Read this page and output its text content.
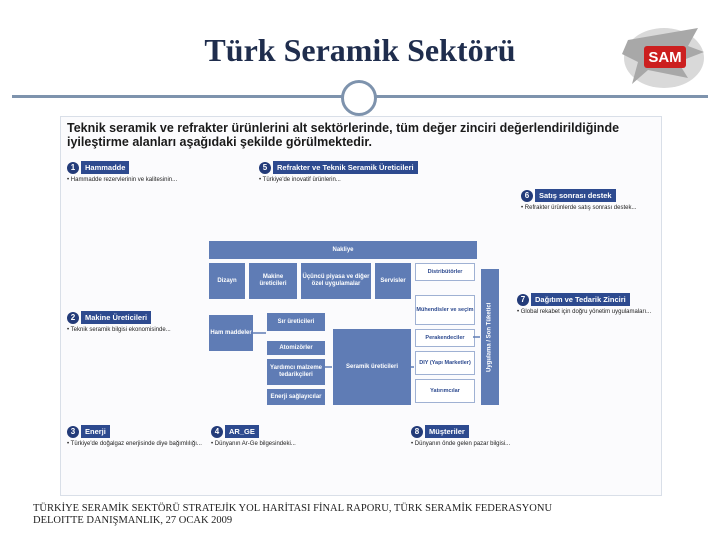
Türk Seramik Sektörü	SAM
Teknik seramik ve refrakter ürünlerini alt sektörlerinde, tüm değer zinciri değerlendirildiğinde iyileştirme alanları aşağıdaki şekilde görülmektedir.
1	Hammadde
• Hammadde rezervlerinin ve kalitesinin...
2	Makine Üreticileri
• Teknik seramik bilgisi ekonomisinde...
3	Enerji
• Türkiye'de doğalgaz enerjisinde diye bağımlılığı...
5	Refrakter ve Teknik Seramik Üreticileri
• Türkiye'de inovatif ürünlerin...
4	AR_GE
• Dünyanın Ar-Ge bilgesindeki...
6	Satış sonrası destek
• Refrakter ürünlerde satış sonrası destek...
7	Dağıtım ve Tedarik Zinciri
• Global rekabet için doğru yönetim uygulamaları...
8	Müşteriler
• Dünyanın önde gelen pazar bilgisi...
Nakliye
Dizayn
Makine üreticileri
Üçüncü piyasa ve diğer özel uygulamalar
Servisler
Distribütörler
Mühendisler ve seçim
Perakendeciler
DIY (Yapı Marketler)
Yatırımcılar
Uygulama / Son Tüketici
Ham maddeler
Sır üreticileri
Atomizörler
Yardımcı malzeme tedarikçileri
Enerji sağlayıcılar
Seramik üreticileri
TÜRKİYE SERAMİK SEKTÖRÜ STRATEJİK YOL HARİTASI FİNAL RAPORU, TÜRK SERAMİK FEDERASYONU
DELOITTE DANIŞMANLIK, 27 OCAK 2009
